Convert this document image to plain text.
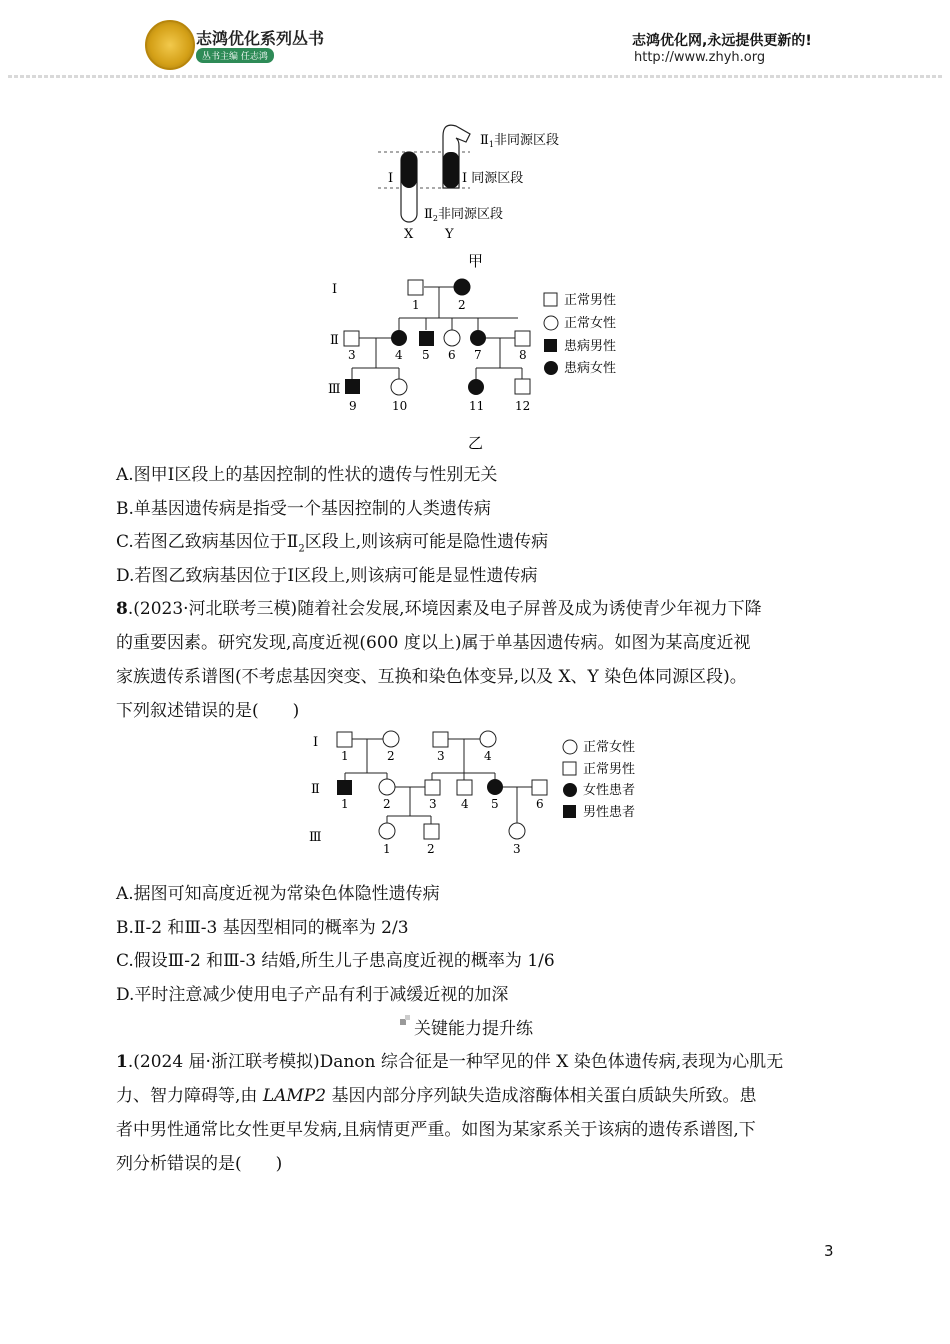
志鸿优化系列丛书
丛书主编 任志鸿
志鸿优化网,永远提供更新的!
http://www.zhyh.org
$Ⅱ_1$非同源区段
Ⅰ	Ⅰ 同源区段
$Ⅱ_2$非同源区段
X Y
甲
Ⅰ
Ⅱ
Ⅲ
1	2
3	4 5 6 7	8
9	10	11	12
正常男性
正常女性
患病男性
患病女性
乙
A.图甲Ⅰ区段上的基因控制的性状的遗传与性别无关
B.单基因遗传病是指受一个基因控制的人类遗传病
C.若图乙致病基因位于$Ⅱ_2$区段上,则该病可能是隐性遗传病
D.若图乙致病基因位于Ⅰ区段上,则该病可能是显性遗传病
8.(2023·河北联考三模)随着社会发展,环境因素及电子屏普及成为诱使青少年视力下降
的重要因素。研究发现,高度近视(600 度以上)属于单基因遗传病。如图为某高度近视
家族遗传系谱图(不考虑基因突变、互换和染色体变异,以及 X、Y 染色体同源区段)。
下列叙述错误的是(　　)
Ⅰ
Ⅱ
Ⅲ
1	2	3	4
1	2	3 4 5	6
1	2	3
正常女性
正常男性
女性患者
男性患者
A.据图可知高度近视为常染色体隐性遗传病
B.Ⅱ-2 和Ⅲ-3 基因型相同的概率为 2/3
C.假设Ⅲ-2 和Ⅲ-3 结婚,所生儿子患高度近视的概率为 1/6
D.平时注意减少使用电子产品有利于减缓近视的加深
关键能力提升练
1.(2024 届·浙江联考模拟)Danon 综合征是一种罕见的伴 X 染色体遗传病,表现为心肌无
力、智力障碍等,由 LAMP2 基因内部分序列缺失造成溶酶体相关蛋白质缺失所致。患
者中男性通常比女性更早发病,且病情更严重。如图为某家系关于该病的遗传系谱图,下
列分析错误的是(　　)
3
